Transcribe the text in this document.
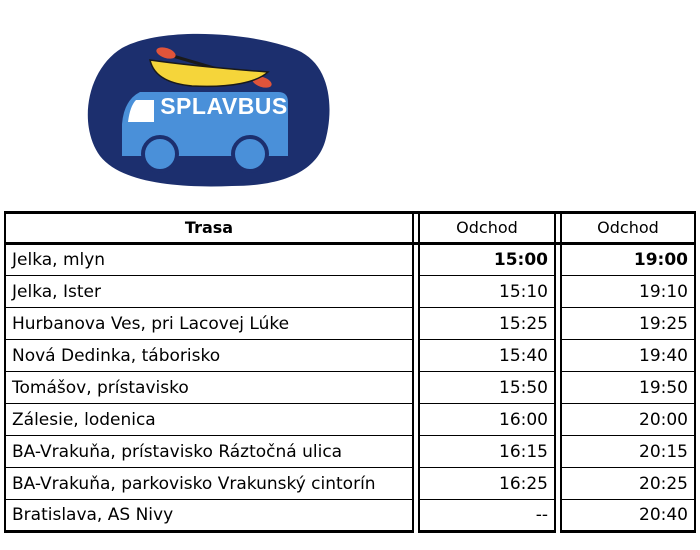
SPLAVBUS
Trasa		Odchod		Odchod
Jelka, mlyn		15:00		19:00
Jelka, Ister		15:10		19:10
Hurbanova Ves, pri Lacovej Lúke		15:25		19:25
Nová Dedinka, táborisko		15:40		19:40
Tomášov, prístavisko		15:50		19:50
Zálesie, lodenica		16:00		20:00
BA-Vrakuňa, prístavisko Ráztočná ulica		16:15		20:15
BA-Vrakuňa, parkovisko Vrakunský cintorín		16:25		20:25
Bratislava, AS Nivy		--		20:40
